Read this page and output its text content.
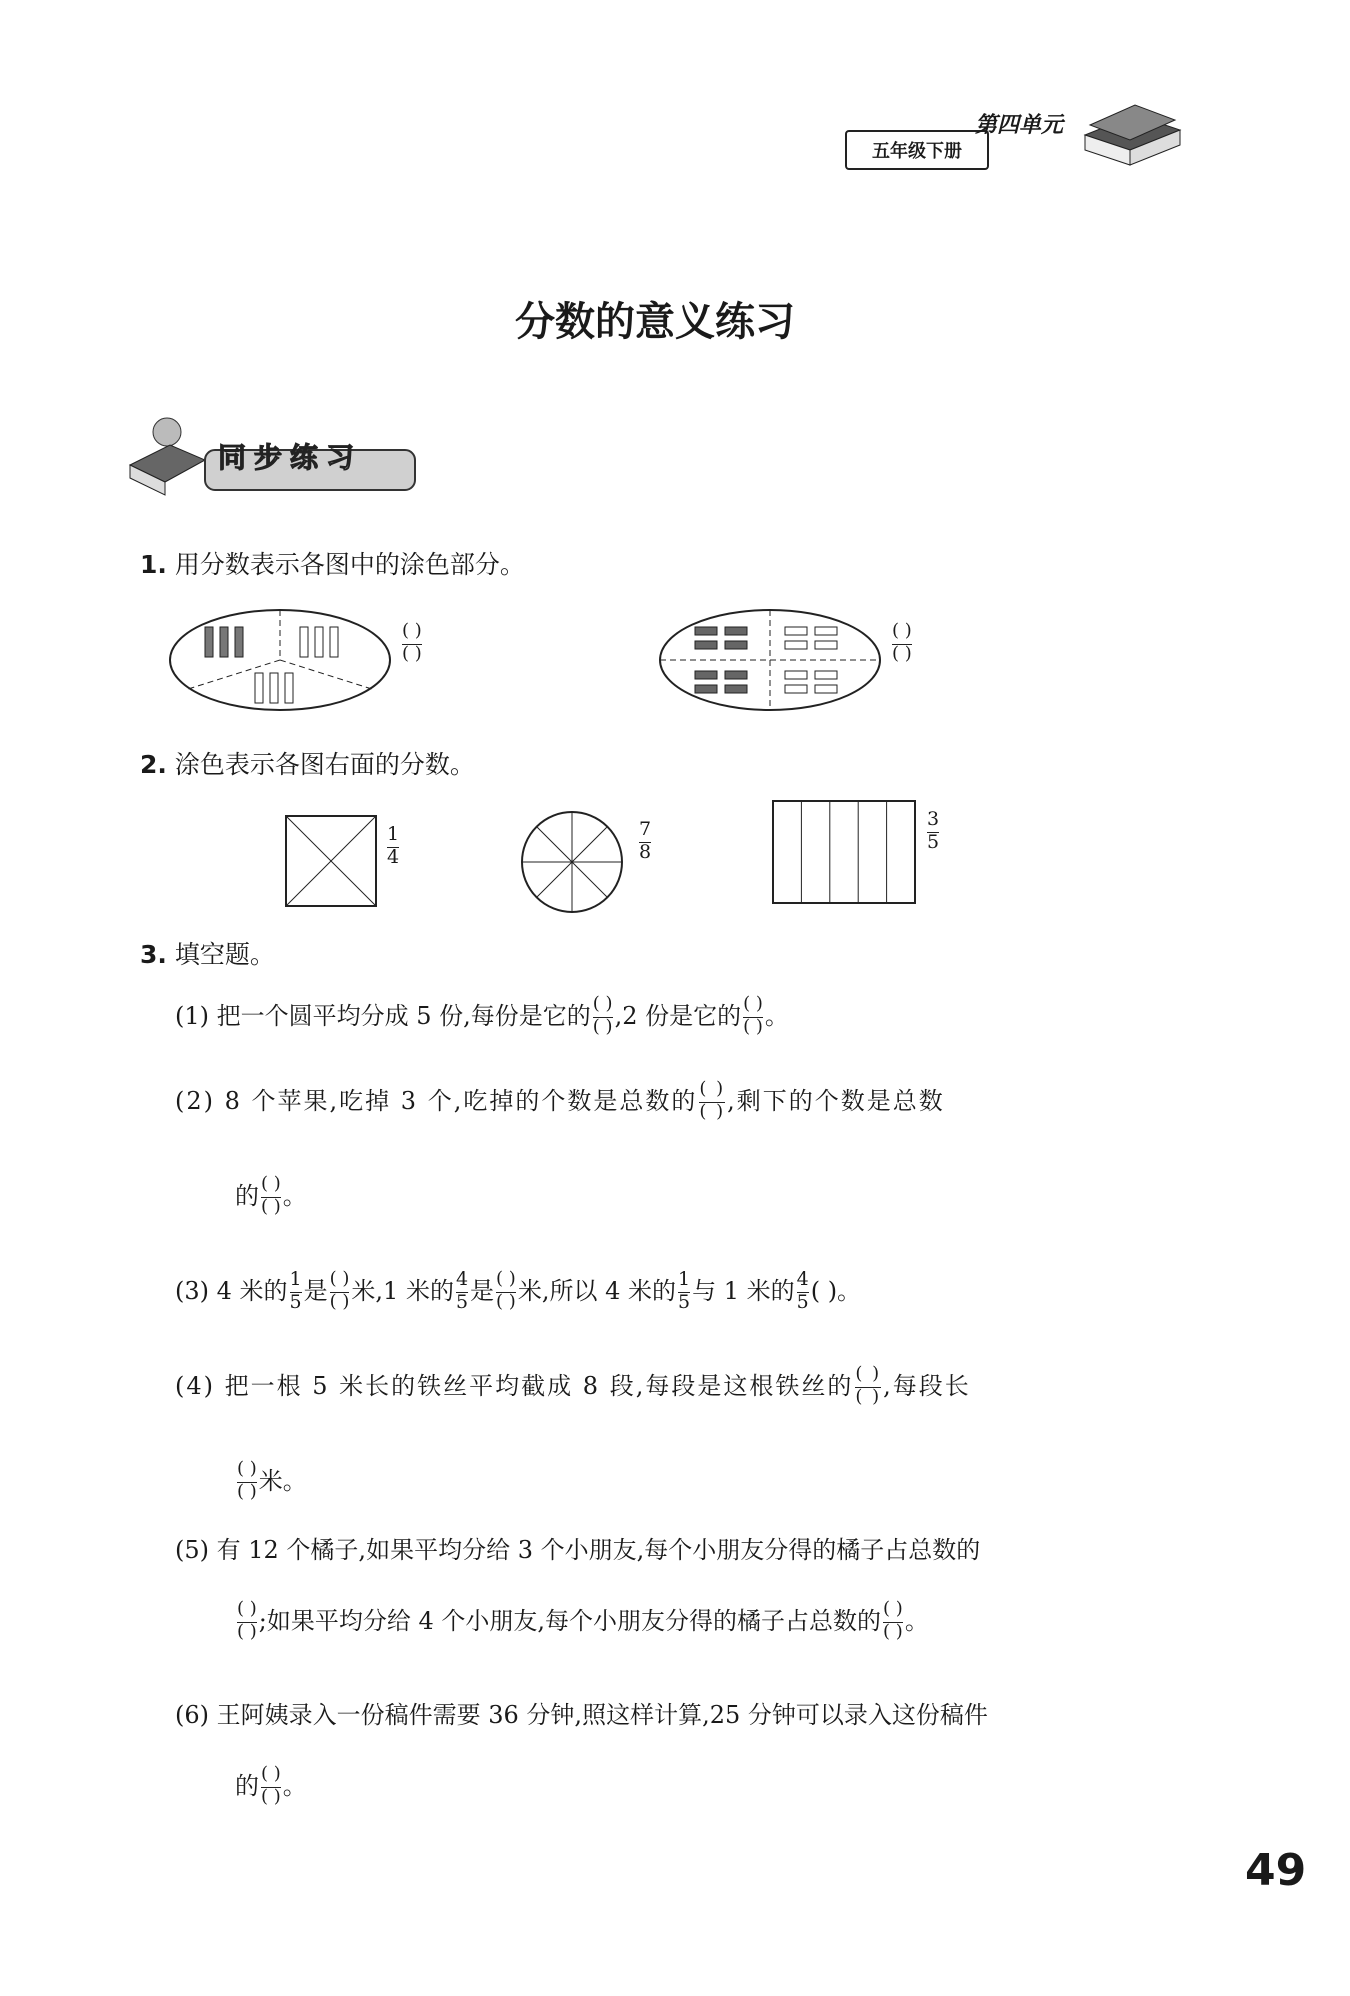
五年级下册
第四单元
分数的意义练习
同步练习
1. 用分数表示各图中的涂色部分。
$\frac{( )}{( )}$	$\frac{( )}{( )}$
2. 涂色表示各图右面的分数。
$\frac{1}{4}$	$\frac{7}{8}$	$\frac{3}{5}$
3. 填空题。
(1) 把一个圆平均分成 5 份,每份是它的 $\frac{( )}{( )} ,2$ 份是它的 $\frac{( )}{( )}$ 。
(2) 8 个苹果,吃掉 3 个,吃掉的个数是总数的 $\frac{( )}{( )}$ ,剩下的个数是总数
的 $\frac{( )}{( )}$ 。
(3) 4 米的 $\frac{1}{5}$ 是 $\frac{( )}{( )}$ 米,1 米的 $\frac{4}{5}$ 是 $\frac{( )}{( )}$ 米,所以 4 米的 $\frac{1}{5}$ 与 1 米的 $\frac{4}{5}$ ( )。
(4) 把一根 5 米长的铁丝平均截成 8 段,每段是这根铁丝的 $\frac{( )}{( )}$ ,每段长
$\frac{( )}{( )}$ 米。
(5) 有 12 个橘子,如果平均分给 3 个小朋友,每个小朋友分得的橘子占总数的
$\frac{( )}{( )}$ ;如果平均分给 4 个小朋友,每个小朋友分得的橘子占总数的 $\frac{( )}{( )}$ 。
(6) 王阿姨录入一份稿件需要 36 分钟,照这样计算,25 分钟可以录入这份稿件
的 $\frac{( )}{( )}$ 。
49
